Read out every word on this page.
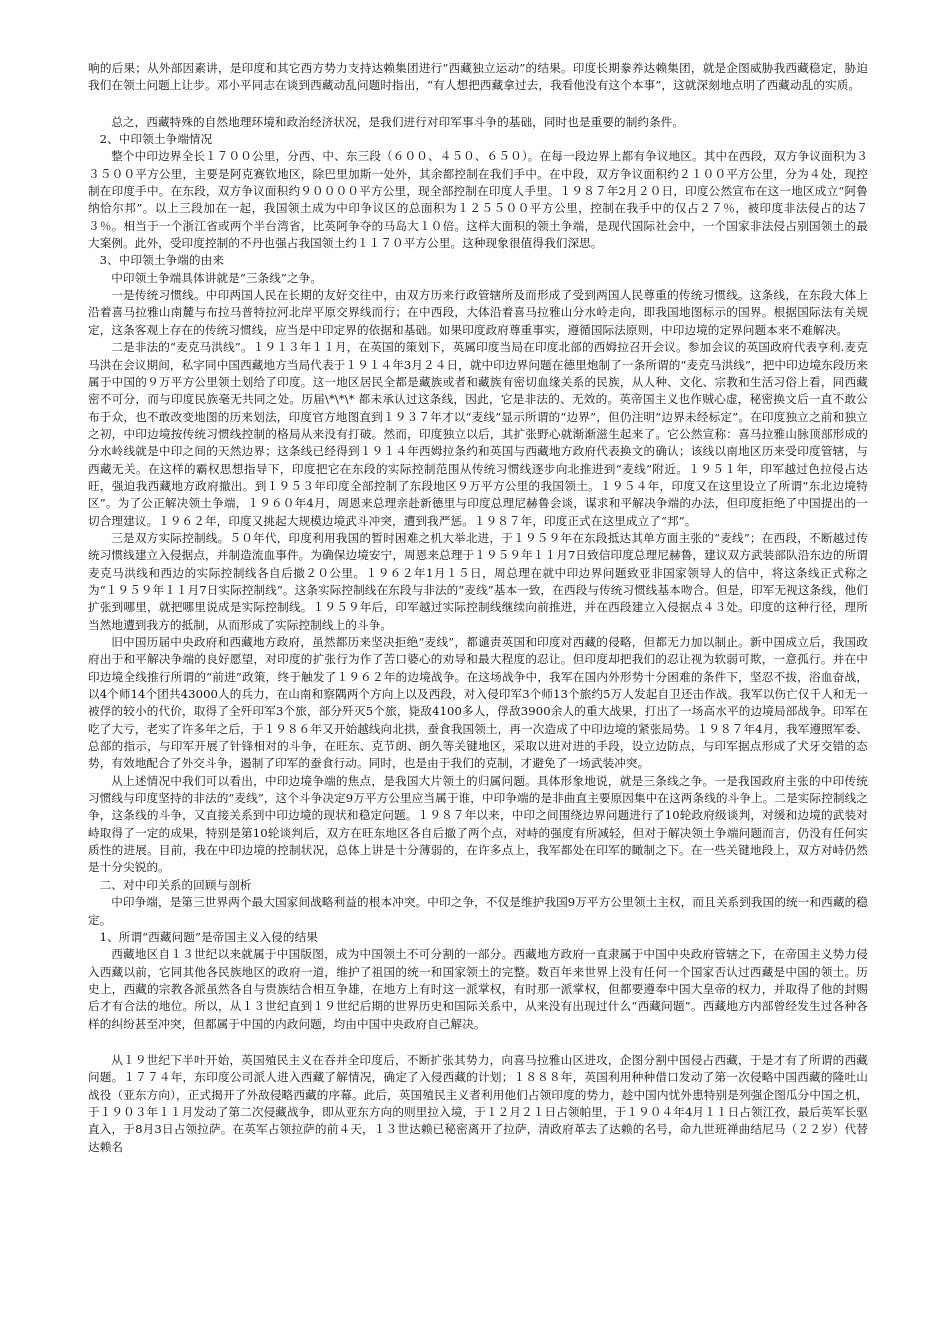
响的后果；从外部因素讲，是印度和其它西方势力支持达赖集团进行“西藏独立运动”的结果。印度长期豢养达赖集团，就是企图威胁我西藏稳定，胁迫我们在领土问题上让步。邓小平同志在谈到西藏动乱问题时指出，“有人想把西藏拿过去，我看他没有这个本事”，这就深刻地点明了西藏动乱的实质。

总之，西藏特殊的自然地理环境和政治经济状况，是我们进行对印军事斗争的基础，同时也是重要的制约条件。

2、中印领土争端情况

整个中印边界全长１７００公里，分西、中、东三段（６００、４５０、６５０）。在每一段边界上都有争议地区。其中在西段，双方争议面积为３３５００平方公里，主要是阿克赛钦地区，除巴里加斯一处外，其余都控制在我们手中。在中段，双方争议面积约２１００平方公里，分为４处，现控制在印度手中。在东段，双方争议面积约９００００平方公里，现全部控制在印度人手里。１９８７年2月２０日，印度公然宣布在这一地区成立“阿鲁纳恰尔邦”。以上三段加在一起，我国领土成为中印争议区的总面积为１２５５００平方公里，控制在我手中的仅占２７％，被印度非法侵占的达７３％。相当于一个浙江省或两个半台湾省，比英阿争夺的马岛大１０倍。这样大面积的领土争端，是现代国际社会中，一个国家非法侵占别国领土的最大案例。此外，受印度控制的不丹也强占我国领土约１１７０平方公里。这种现象很值得我们深思。

3、中印领土争端的由来

中印领土争端具体讲就是“三条线”之争。

一是传统习惯线。中印两国人民在长期的友好交往中，由双方历来行政管辖所及而形成了受到两国人民尊重的传统习惯线。这条线，在东段大体上沿着喜马拉雅山南麓与布拉马普特拉河北岸平原交界线而行；在中西段，大体沿着喜马拉雅山分水岭走向，即我国地图标示的国界。根据国际法有关规定，这条客观上存在的传统习惯线，应当是中印定界的依据和基础。如果印度政府尊重事实，遵循国际法原则，中印边境的定界问题本来不难解决。

二是非法的“麦克马洪线”。１９１３年１１月，在英国的策划下，英属印度当局在印度北部的西姆拉召开会议。参加会议的英国政府代表亨利.麦克马洪在会议期间，私字同中国西藏地方当局代表于１９１４年3月２４日，就中印边界问题在德里炮制了一条所谓的“麦克马洪线”，把中印边境东段历来属于中国的９万平方公里领土划给了印度。这一地区居民全都是藏族或者和藏族有密切血缘关系的民族，从人种、文化、宗教和生活习俗上看，同西藏密不可分，而与印度民族毫无共同之处。历届\*\*\* 都未承认过这条线，因此，它是非法的、无效的。英帝国主义也作贼心虚，秘密换文后一直不敢公布于众，也不敢改变地图的历来划法，印度官方地图直到１９３７年才以“麦线”显示所谓的“边界”，但仍注明“边界未经标定”。在印度独立之前和独立之初，中印边境按传统习惯线控制的格局从来没有打破。然而，印度独立以后，其扩张野心就渐渐滋生起来了。它公然宣称：喜马拉雅山脉顶部形成的分水岭线就是中印之间的天然边界；这条线已经得到１９１４年西姆拉条约和英国与西藏地方政府代表换文的确认；该线以南地区历来受印度管辖，与西藏无关。在这样的霸权思想指导下，印度把它在东段的实际控制范围从传统习惯线逐步向北推进到“麦线”附近。１９５１年，印军越过色拉侵占达旺，强迫我西藏地方政府撤出。到１９５３年印度全部控制了东段地区９万平方公里的我国领土。１９５４年，印度又在这里设立了所谓“东北边境特区”。为了公正解决领土争端，１９６０年4月，周恩来总理亲赴新德里与印度总理尼赫鲁会谈，谋求和平解决争端的办法，但印度拒绝了中国提出的一切合理建议。１９６２年，印度又挑起大规模边境武斗冲突，遭到我严惩。１９８７年，印度正式在这里成立了“邦”。

三是双方实际控制线。５０年代，印度利用我国的暂时困难之机大举北进，于１９５９年在东段抵达其单方面主张的“麦线”；在西段，不断越过传统习惯线建立入侵据点，并制造流血事件。为确保边境安宁，周恩来总理于１９５９年１１月7日致信印度总理尼赫鲁，建议双方武装部队沿东边的所谓麦克马洪线和西边的实际控制线各自后撤２０公里。１９６２年1月１５日，周总理在就中印边界问题致亚非国家领导人的信中，将这条线正式称之为“１９５９年１１月7日实际控制线”。这条实际控制线在东段与非法的“麦线”基本一致，在西段与传统习惯线基本吻合。但是，印军无视这条线，他们扩张到哪里，就把哪里说成是实际控制线。１９５９年后，印军越过实际控制线继续向前推进，并在西段建立入侵据点４３处。印度的这种行径，理所当然地遭到我方的抵制，从而形成了实际控制线上的斗争。

旧中国历届中央政府和西藏地方政府，虽然都历来坚决拒绝“麦线”，都谴责英国和印度对西藏的侵略，但都无力加以制止。新中国成立后，我国政府出于和平解决争端的良好愿望，对印度的扩张行为作了苦口婆心的劝导和最大程度的忍让。但印度却把我们的忍让视为软弱可欺，一意孤行。并在中印边境全线推行所谓的“前进”政策，终于触发了１９６２年的边境战争。在这场战争中，我军在国内外形势十分困难的条件下，坚忍不拔，浴血奋战，以4个师14个团共43000人的兵力，在山南和察隅两个方向上以及西段，对入侵印军3个师13个旅约5万人发起自卫还击作战。我军以伤亡仅千人和无一被俘的较小的代价，取得了全歼印军3个旅，部分歼灭5个旅，毙敌4100多人，俘敌3900余人的重大战果，打出了一场高水平的边境局部战争。印军在吃了大亏，老实了许多年之后，于１９８６年又开始越线向北拱，蚕食我国领土，再一次造成了中印边境的紧张局势。１９８７年4月，我军遵照军委、总部的指示，与印军开展了针锋相对的斗争，在旺东、克节朗、朗久等关键地区，采取以进对进的手段，设立边防点，与印军据点形成了犬牙交错的态势，有效地配合了外交斗争，遏制了印军的蚕食行动。同时，也是由于我们的克制，才避免了一场武装冲突。

从上述情况中我们可以看出，中印边境争端的焦点，是我国大片领土的归属问题。具体形象地说，就是三条线之争。一是我国政府主张的中印传统习惯线与印度坚持的非法的“麦线”，这个斗争决定9万平方公里应当属于谁，中印争端的是非曲直主要原因集中在这两条线的斗争上。二是实际控制线之争，这条线的斗争，又直接关系到中印边境的现状和稳定问题。１９８７年以来，中印之间围绕边界问题进行了10轮政府级谈判，对缓和边境的武装对峙取得了一定的成果，特别是第10轮谈判后，双方在旺东地区各自后撤了两个点，对峙的强度有所减轻，但对于解决领土争端问题而言，仍没有任何实质性的进展。目前，我在中印边境的控制状况，总体上讲是十分薄弱的，在许多点上，我军都处在印军的瞰制之下。在一些关键地段上，双方对峙仍然是十分尖锐的。

二、对中印关系的回顾与剖析

中印争端，是第三世界两个最大国家间战略利益的根本冲突。中印之争，不仅是维护我国9万平方公里领土主权，而且关系到我国的统一和西藏的稳定。

1、所谓“西藏问题”是帝国主义入侵的结果

西藏地区自１３世纪以来就属于中国版图，成为中国领土不可分割的一部分。西藏地方政府一直隶属于中国中央政府管辖之下，在帝国主义势力侵入西藏以前，它同其他各民族地区的政府一道，维护了祖国的统一和国家领土的完整。数百年来世界上没有任何一个国家否认过西藏是中国的领土。历史上，西藏的宗教各派虽然各自与贵族结合相互争雄，在地方上有时这一派掌权，有时那一派掌权，但都要遵奉中国大皇帝的权力，并取得了他的封赐后才有合法的地位。所以，从１３世纪直到１９世纪后期的世界历史和国际关系中，从来没有出现过什么“西藏问题”。西藏地方内部曾经发生过各种各样的纠纷甚至冲突，但都属于中国的内政问题，均由中国中央政府自己解决。

从１９世纪下半叶开始，英国殖民主义在吞并全印度后，不断扩张其势力，向喜马拉雅山区进攻，企图分割中国侵占西藏，于是才有了所谓的西藏问题。１７７４年，东印度公司派人进入西藏了解情况，确定了入侵西藏的计划；１８８８年，英国利用种种借口发动了第一次侵略中国西藏的隆吐山战役（亚东方向），正式揭开了外敌侵略西藏的序幕。此后，英国殖民主义者利用他们占领印度的势力，趁中国内忧外患特别是列强企图瓜分中国之机，于１９０３年１１月发动了第二次侵藏战争，即从亚东方向的则里拉入境，于１２月２１日占领帕里，于１９０４年4月１１日占领江孜，最后英军长驱直入，于8月3日占领拉萨。在英军占领拉萨的前４天，１３世达赖已秘密离开了拉萨，清政府革去了达赖的名号，命九世班禅曲结尼马（２２岁）代替达赖名
